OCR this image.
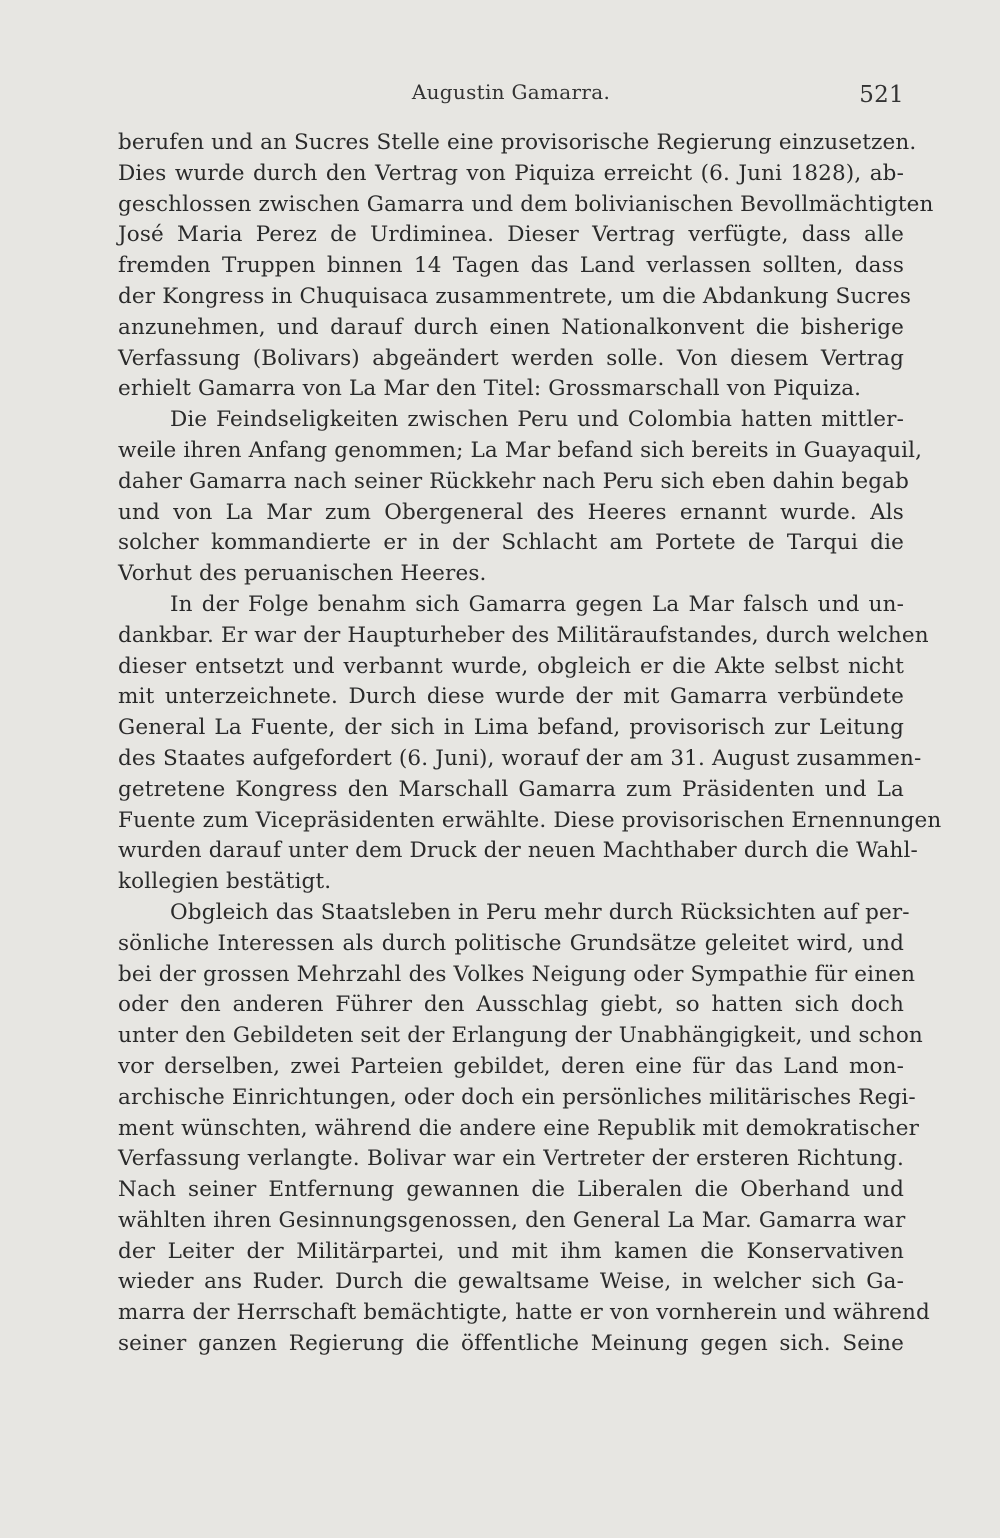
Augustin Gamarra.	521
berufen und an Sucres Stelle eine provisorische Regierung einzusetzen.
Dies wurde durch den Vertrag von Piquiza erreicht (6. Juni 1828), ab-
geschlossen zwischen Gamarra und dem bolivianischen Bevollmächtigten
José Maria Perez de Urdiminea. Dieser Vertrag verfügte, dass alle
fremden Truppen binnen 14 Tagen das Land verlassen sollten, dass
der Kongress in Chuquisaca zusammentrete, um die Abdankung Sucres
anzunehmen, und darauf durch einen Nationalkonvent die bisherige
Verfassung (Bolivars) abgeändert werden solle. Von diesem Vertrag
erhielt Gamarra von La Mar den Titel: Grossmarschall von Piquiza.
Die Feindseligkeiten zwischen Peru und Colombia hatten mittler-
weile ihren Anfang genommen; La Mar befand sich bereits in Guayaquil,
daher Gamarra nach seiner Rückkehr nach Peru sich eben dahin begab
und von La Mar zum Obergeneral des Heeres ernannt wurde. Als
solcher kommandierte er in der Schlacht am Portete de Tarqui die
Vorhut des peruanischen Heeres.
In der Folge benahm sich Gamarra gegen La Mar falsch und un-
dankbar. Er war der Haupturheber des Militäraufstandes, durch welchen
dieser entsetzt und verbannt wurde, obgleich er die Akte selbst nicht
mit unterzeichnete. Durch diese wurde der mit Gamarra verbündete
General La Fuente, der sich in Lima befand, provisorisch zur Leitung
des Staates aufgefordert (6. Juni), worauf der am 31. August zusammen-
getretene Kongress den Marschall Gamarra zum Präsidenten und La
Fuente zum Vicepräsidenten erwählte. Diese provisorischen Ernennungen
wurden darauf unter dem Druck der neuen Machthaber durch die Wahl-
kollegien bestätigt.
Obgleich das Staatsleben in Peru mehr durch Rücksichten auf per-
sönliche Interessen als durch politische Grundsätze geleitet wird, und
bei der grossen Mehrzahl des Volkes Neigung oder Sympathie für einen
oder den anderen Führer den Ausschlag giebt, so hatten sich doch
unter den Gebildeten seit der Erlangung der Unabhängigkeit, und schon
vor derselben, zwei Parteien gebildet, deren eine für das Land mon-
archische Einrichtungen, oder doch ein persönliches militärisches Regi-
ment wünschten, während die andere eine Republik mit demokratischer
Verfassung verlangte. Bolivar war ein Vertreter der ersteren Richtung.
Nach seiner Entfernung gewannen die Liberalen die Oberhand und
wählten ihren Gesinnungsgenossen, den General La Mar. Gamarra war
der Leiter der Militärpartei, und mit ihm kamen die Konservativen
wieder ans Ruder. Durch die gewaltsame Weise, in welcher sich Ga-
marra der Herrschaft bemächtigte, hatte er von vornherein und während
seiner ganzen Regierung die öffentliche Meinung gegen sich. Seine
